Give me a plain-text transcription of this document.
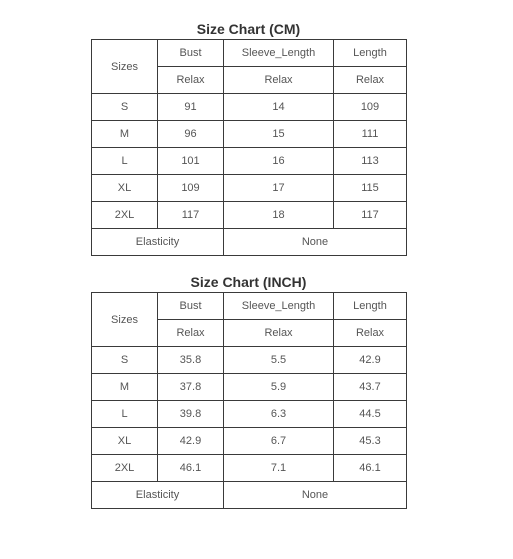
Size Chart (CM)
Sizes	Bust	Sleeve_Length	Length
	Relax	Relax	Relax
S	91	14	109
M	96	15	111
L	101	16	113
XL	109	17	115
2XL	117	18	117
Elasticity		None	
Size Chart (INCH)
Sizes	Bust	Sleeve_Length	Length
	Relax	Relax	Relax
S	35.8	5.5	42.9
M	37.8	5.9	43.7
L	39.8	6.3	44.5
XL	42.9	6.7	45.3
2XL	46.1	7.1	46.1
Elasticity		None	
